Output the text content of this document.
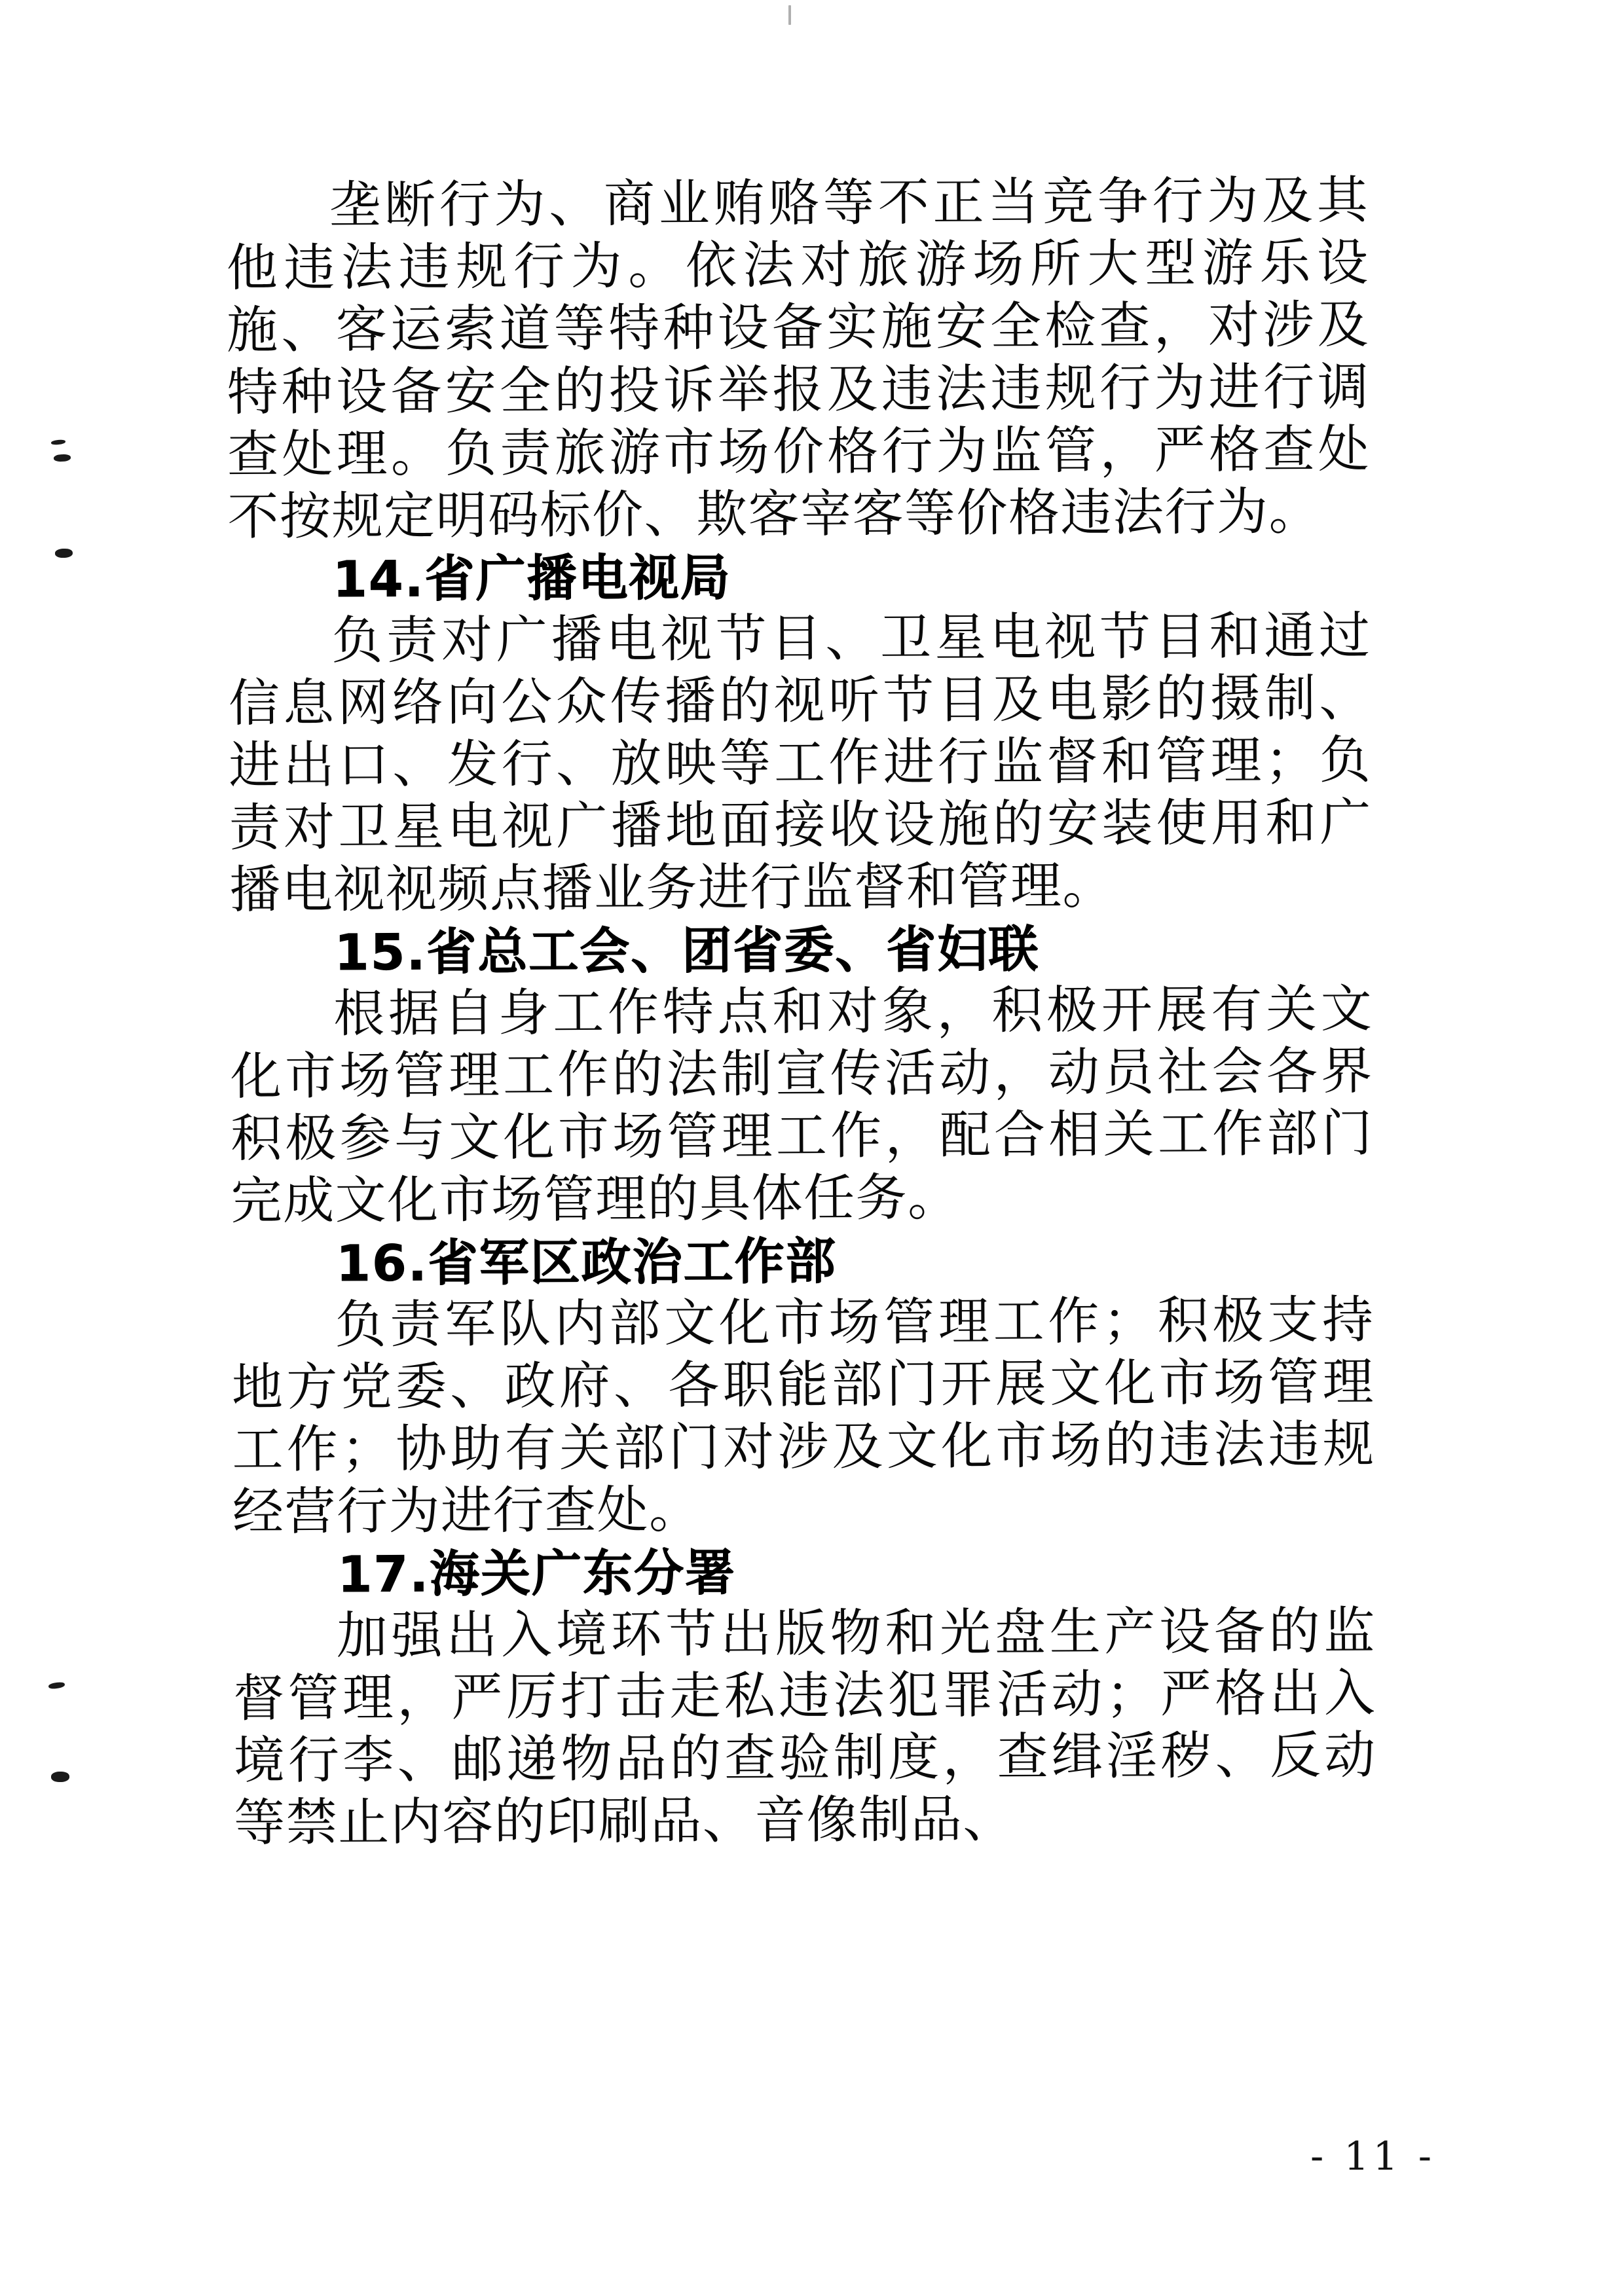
垄断行为、商业贿赂等不正当竞争行为及其他违法违规行为。依法对旅游场所大型游乐设施、客运索道等特种设备实施安全检查，对涉及特种设备安全的投诉举报及违法违规行为进行调查处理。负责旅游市场价格行为监管，严格查处不按规定明码标价、欺客宰客等价格违法行为。

14.省广播电视局

负责对广播电视节目、卫星电视节目和通过信息网络向公众传播的视听节目及电影的摄制、进出口、发行、放映等工作进行监督和管理；负责对卫星电视广播地面接收设施的安装使用和广播电视视频点播业务进行监督和管理。

15.省总工会、团省委、省妇联

根据自身工作特点和对象，积极开展有关文化市场管理工作的法制宣传活动，动员社会各界积极参与文化市场管理工作，配合相关工作部门完成文化市场管理的具体任务。

16.省军区政治工作部

负责军队内部文化市场管理工作；积极支持地方党委、政府、各职能部门开展文化市场管理工作；协助有关部门对涉及文化市场的违法违规经营行为进行查处。

17.海关广东分署

加强出入境环节出版物和光盘生产设备的监督管理，严厉打击走私违法犯罪活动；严格出入境行李、邮递物品的查验制度，查缉淫秽、反动等禁止内容的印刷品、音像制品、

- 11 -
